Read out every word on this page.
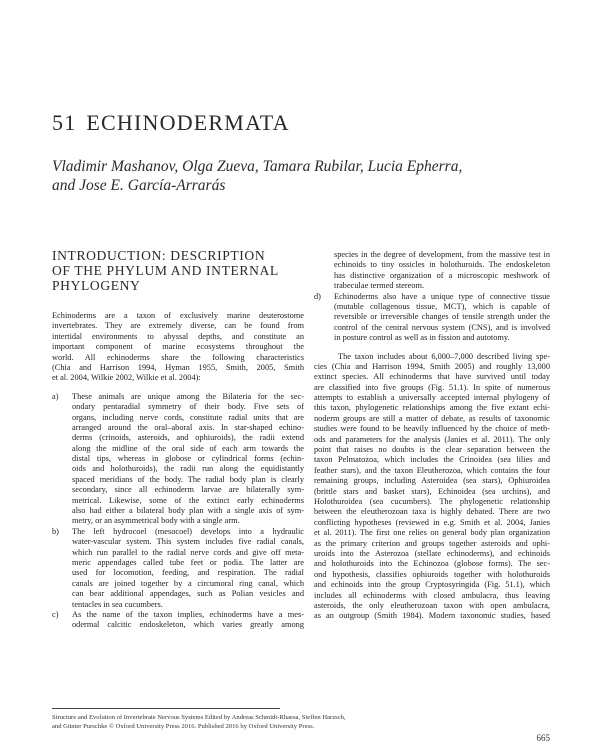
51 ECHINODERMATA
Vladimir Mashanov, Olga Zueva, Tamara Rubilar, Lucia Epherra,
and Jose E. García-Arrarás
INTRODUCTION: DESCRIPTION
OF THE PHYLUM AND INTERNAL
PHYLOGENY
Echinoderms are a taxon of exclusively marine deuterostome
invertebrates. They are extremely diverse, can be found from
intertidal environments to abyssal depths, and constitute an
important component of marine ecosystems throughout the
world. All echinoderms share the following characteristics
(Chia and Harrison 1994, Hyman 1955, Smith, 2005, Smith
et al. 2004, Wilkie 2002, Wilkie et al. 2004):
a) These animals are unique among the Bilateria for the sec-
ondary pentaradial symmetry of their body. Five sets of
organs, including nerve cords, constitute radial units that are
arranged around the oral–aboral axis. In star-shaped echino-
derms (crinoids, asteroids, and ophiuroids), the radii extend
along the midline of the oral side of each arm towards the
distal tips, whereas in globose or cylindrical forms (echin-
oids and holothuroids), the radii run along the equidistantly
spaced meridians of the body. The radial body plan is clearly
secondary, since all echinoderm larvae are bilaterally sym-
metrical. Likewise, some of the extinct early echinoderms
also had either a bilateral body plan with a single axis of sym-
metry, or an asymmetrical body with a single arm.
b) The left hydrocoel (mesocoel) develops into a hydraulic
water-vascular system. This system includes five radial canals,
which run parallel to the radial nerve cords and give off meta-
meric appendages called tube feet or podia. The latter are
used for locomotion, feeding, and respiration. The radial
canals are joined together by a circumoral ring canal, which
can bear additional appendages, such as Polian vesicles and
tentacles in sea cucumbers.
c) As the name of the taxon implies, echinoderms have a mes-
odermal calcitic endoskeleton, which varies greatly among
species in the degree of development, from the massive test in
echinoids to tiny ossicles in holothuroids. The endoskeleton
has distinctive organization of a microscopic meshwork of
trabeculae termed stereom.
d) Echinoderms also have a unique type of connective tissue
(mutable collagenous tissue, MCT), which is capable of
reversible or irreversible changes of tensile strength under the
control of the central nervous system (CNS), and is involved
in posture control as well as in fission and autotomy.
The taxon includes about 6,000–7,000 described living spe-
cies (Chia and Harrison 1994, Smith 2005) and roughly 13,000
extinct species. All echinoderms that have survived until today
are classified into five groups (Fig. 51.1). In spite of numerous
attempts to establish a universally accepted internal phylogeny of
this taxon, phylogenetic relationships among the five extant echi-
noderm groups are still a matter of debate, as results of taxonomic
studies were found to be heavily influenced by the choice of meth-
ods and parameters for the analysis (Janies et al. 2011). The only
point that raises no doubts is the clear separation between the
taxon Pelmatozoa, which includes the Crinoidea (sea lilies and
feather stars), and the taxon Eleutherozoa, which contains the four
remaining groups, including Asteroidea (sea stars), Ophiuroidea
(brittle stars and basket stars), Echinoidea (sea urchins), and
Holothuroidea (sea cucumbers). The phylogenetic relationship
between the eleutherozoan taxa is highly debated. There are two
conflicting hypotheses (reviewed in e.g. Smith et al. 2004, Janies
et al. 2011). The first one relies on general body plan organization
as the primary criterion and groups together asteroids and ophi-
uroids into the Asterozoa (stellate echinoderms), and echinoids
and holothuroids into the Echinozoa (globose forms). The sec-
ond hypothesis, classifies ophiuroids together with holothuroids
and echinoids into the group Cryptosyringida (Fig. 51.1), which
includes all echinoderms with closed ambulacra, thus leaving
asteroids, the only eleutherozoan taxon with open ambulacra,
as an outgroup (Smith 1984). Modern taxonomic studies, based
Structure and Evolution of Invertebrate Nervous Systems Edited by Andreas Schmidt-Rhaesa, Steffen Harzsch,
and Günter Purschke © Oxford University Press 2016. Published 2016 by Oxford University Press.
665
